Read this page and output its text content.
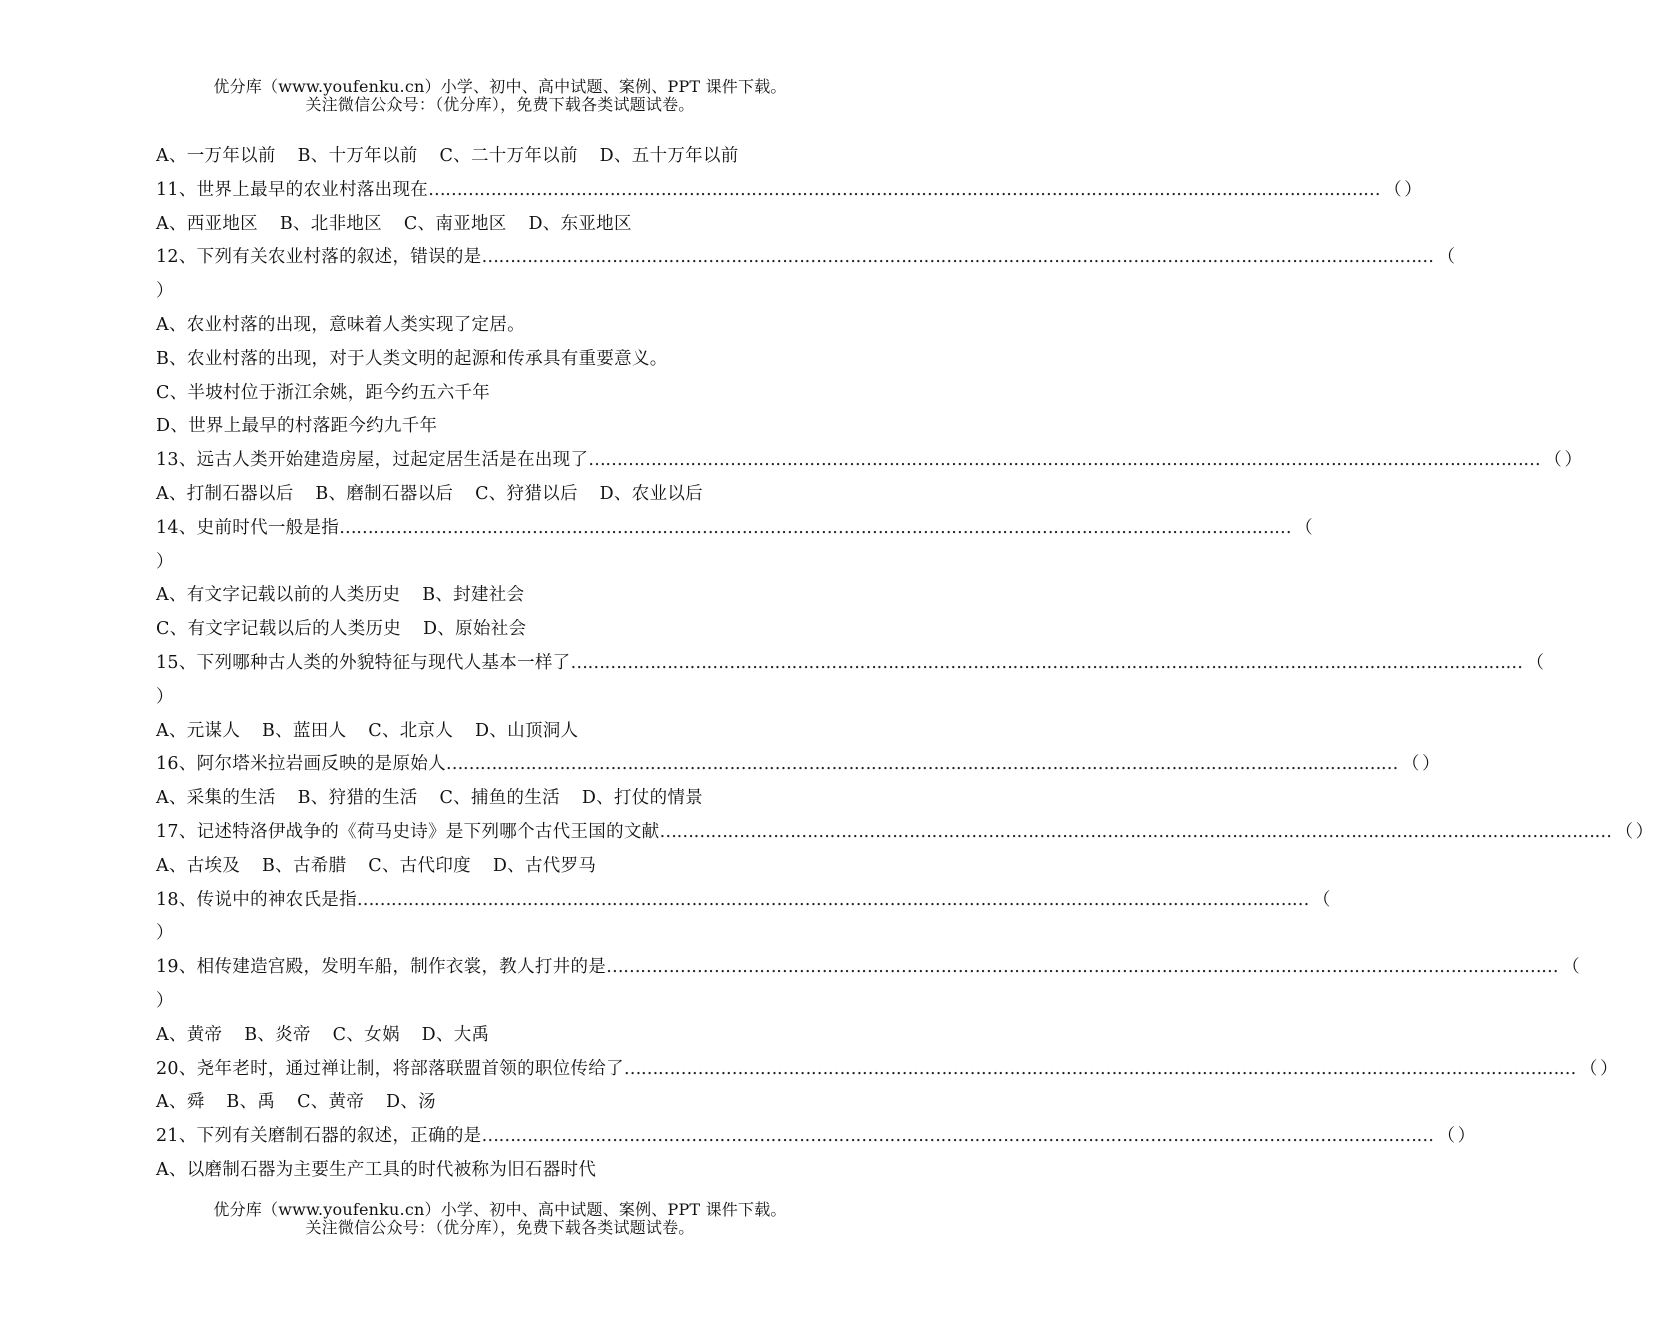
优分库（www.youfenku.cn）小学、初中、高中试题、案例、PPT 课件下载。
关注微信公众号：（优分库），免费下载各类试题试卷。
A、一万年以前 B、十万年以前 C、二十万年以前 D、五十万年以前
11、世界上最早的农业村落出现在 …………………………………………………………………………………………………………………………………………………… （ ）
A、西亚地区 B、北非地区 C、南亚地区 D、东亚地区
12、下列有关农业村落的叙述，错误的是 …………………………………………………………………………………………………………………………………………………… （
）
A、农业村落的出现，意味着人类实现了定居。
B、农业村落的出现，对于人类文明的起源和传承具有重要意义。
C、半坡村位于浙江余姚，距今约五六千年
D、世界上最早的村落距今约九千年
13、远古人类开始建造房屋，过起定居生活是在出现了 …………………………………………………………………………………………………………………………………………………… （ ）
A、打制石器以后 B、磨制石器以后 C、狩猎以后 D、农业以后
14、史前时代一般是指 …………………………………………………………………………………………………………………………………………………… （
）
A、有文字记载以前的人类历史 B、封建社会
C、有文字记载以后的人类历史 D、原始社会
15、下列哪种古人类的外貌特征与现代人基本一样了 …………………………………………………………………………………………………………………………………………………… （
）
A、元谋人 B、蓝田人 C、北京人 D、山顶洞人
16、阿尔塔米拉岩画反映的是原始人 …………………………………………………………………………………………………………………………………………………… （ ）
A、采集的生活 B、狩猎的生活 C、捕鱼的生活 D、打仗的情景
17、记述特洛伊战争的《荷马史诗》是下列哪个古代王国的文献 …………………………………………………………………………………………………………………………………………………… （ ）
A、古埃及 B、古希腊 C、古代印度 D、古代罗马
18、传说中的神农氏是指 …………………………………………………………………………………………………………………………………………………… （
）
19、相传建造宫殿，发明车船，制作衣裳，教人打井的是 …………………………………………………………………………………………………………………………………………………… （
）
A、黄帝 B、炎帝 C、女娲 D、大禹
20、尧年老时，通过禅让制，将部落联盟首领的职位传给了 …………………………………………………………………………………………………………………………………………………… （ ）
A、舜 B、禹 C、黄帝 D、汤
21、下列有关磨制石器的叙述，正确的是 …………………………………………………………………………………………………………………………………………………… （ ）
A、以磨制石器为主要生产工具的时代被称为旧石器时代
优分库（www.youfenku.cn）小学、初中、高中试题、案例、PPT 课件下载。
关注微信公众号：（优分库），免费下载各类试题试卷。
